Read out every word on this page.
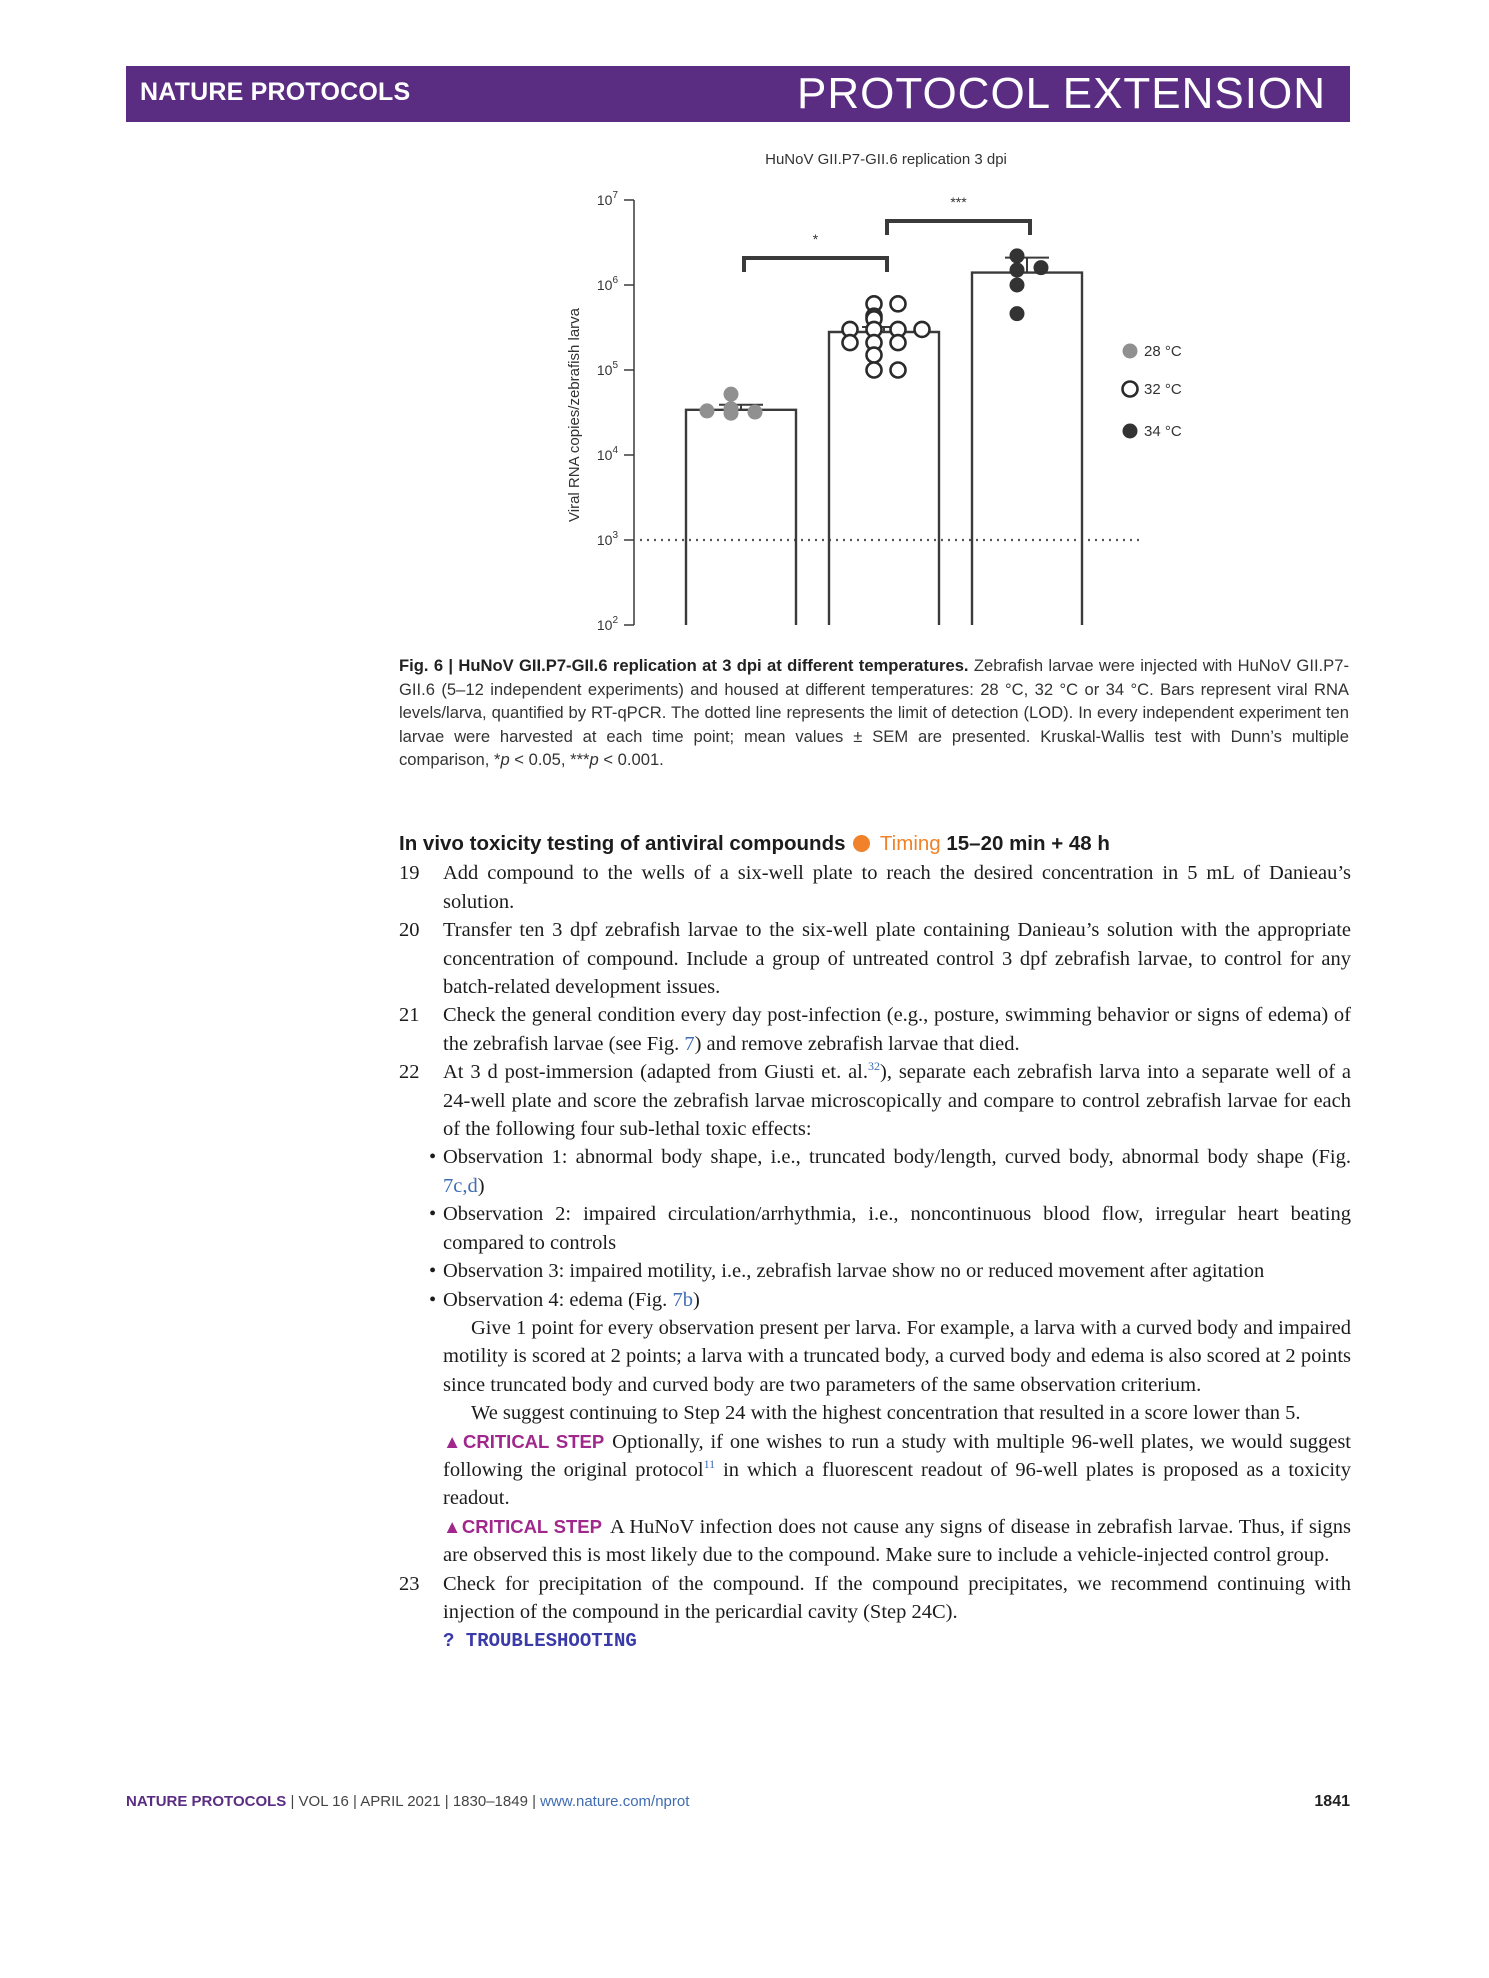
NATURE PROTOCOLS	PROTOCOL EXTENSION
HuNoV GII.P7-GII.6 replication 3 dpi
Viral RNA copies/zebrafish larva
$10^2$
$10^3$
$10^4$
$10^5$
$10^6$
$10^7$
*
***
28 °C
32 °C
34 °C
Fig. 6 | HuNoV GII.P7-GII.6 replication at 3 dpi at different temperatures. Zebrafish larvae were injected with HuNoV GII.P7-GII.6 (5–12 independent experiments) and housed at different temperatures: 28 °C, 32 °C or 34 °C. Bars represent viral RNA levels/larva, quantified by RT-qPCR. The dotted line represents the limit of detection (LOD). In every independent experiment ten larvae were harvested at each time point; mean values ± SEM are presented. Kruskal-Wallis test with Dunn’s multiple comparison, *p < 0.05, ***p < 0.001.
In vivo toxicity testing of antiviral compounds Timing 15–20 min + 48 h
19 Add compound to the wells of a six-well plate to reach the desired concentration in 5 mL of Danieau’s solution.
20 Transfer ten 3 dpf zebrafish larvae to the six-well plate containing Danieau’s solution with the appropriate concentration of compound. Include a group of untreated control 3 dpf zebrafish larvae, to control for any batch-related development issues.
21 Check the general condition every day post-infection (e.g., posture, swimming behavior or signs of edema) of the zebrafish larvae (see Fig. 7) and remove zebrafish larvae that died.
22 At 3 d post-immersion (adapted from Giusti et. al.$^{32}$), separate each zebrafish larva into a separate well of a 24-well plate and score the zebrafish larvae microscopically and compare to control zebrafish larvae for each of the following four sub-lethal toxic effects:
• Observation 1: abnormal body shape, i.e., truncated body/length, curved body, abnormal body shape (Fig. 7c,d)
• Observation 2: impaired circulation/arrhythmia, i.e., noncontinuous blood flow, irregular heart beating compared to controls
• Observation 3: impaired motility, i.e., zebrafish larvae show no or reduced movement after agitation
• Observation 4: edema (Fig. 7b)
Give 1 point for every observation present per larva. For example, a larva with a curved body and impaired motility is scored at 2 points; a larva with a truncated body, a curved body and edema is also scored at 2 points since truncated body and curved body are two parameters of the same observation criterium.
We suggest continuing to Step 24 with the highest concentration that resulted in a score lower than 5.
▲CRITICAL STEP Optionally, if one wishes to run a study with multiple 96-well plates, we would suggest following the original protocol$^{11}$ in which a fluorescent readout of 96-well plates is proposed as a toxicity readout.
▲CRITICAL STEP A HuNoV infection does not cause any signs of disease in zebrafish larvae. Thus, if signs are observed this is most likely due to the compound. Make sure to include a vehicle-injected control group.
23 Check for precipitation of the compound. If the compound precipitates, we recommend continuing with injection of the compound in the pericardial cavity (Step 24C).
? TROUBLESHOOTING
NATURE PROTOCOLS | VOL 16 | APRIL 2021 | 1830–1849 | www.nature.com/nprot	1841
